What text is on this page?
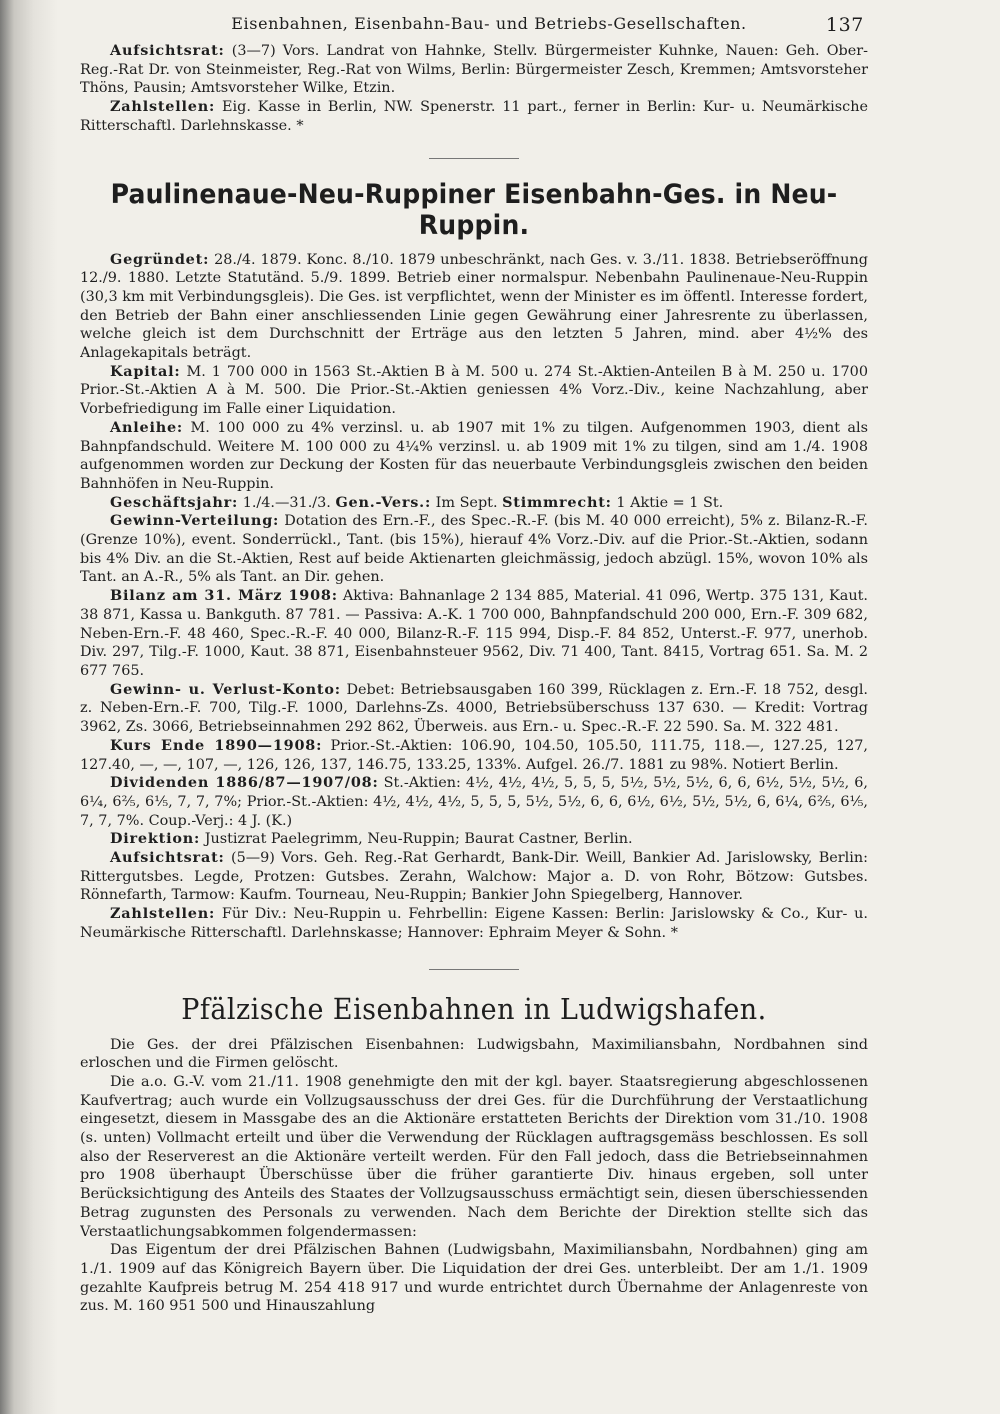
Eisenbahnen, Eisenbahn-Bau- und Betriebs-Gesellschaften.	137

Aufsichtsrat: (3—7) Vors. Landrat von Hahnke, Stellv. Bürgermeister Kuhnke, Nauen: Geh. Ober-Reg.-Rat Dr. von Steinmeister, Reg.-Rat von Wilms, Berlin: Bürgermeister Zesch, Kremmen; Amtsvorsteher Thöns, Pausin; Amtsvorsteher Wilke, Etzin.

Zahlstellen: Eig. Kasse in Berlin, NW. Spenerstr. 11 part., ferner in Berlin: Kur- u. Neumärkische Ritterschaftl. Darlehnskasse. *

Paulinenaue-Neu-Ruppiner Eisenbahn-Ges. in Neu-Ruppin.

Gegründet: 28./4. 1879. Konc. 8./10. 1879 unbeschränkt, nach Ges. v. 3./11. 1838. Betriebseröffnung 12./9. 1880. Letzte Statutänd. 5./9. 1899. Betrieb einer normalspur. Nebenbahn Paulinenaue-Neu-Ruppin (30,3 km mit Verbindungsgleis). Die Ges. ist verpflichtet, wenn der Minister es im öffentl. Interesse fordert, den Betrieb der Bahn einer anschliessenden Linie gegen Gewährung einer Jahresrente zu überlassen, welche gleich ist dem Durchschnitt der Erträge aus den letzten 5 Jahren, mind. aber 4½% des Anlagekapitals beträgt.

Kapital: M. 1 700 000 in 1563 St.-Aktien B à M. 500 u. 274 St.-Aktien-Anteilen B à M. 250 u. 1700 Prior.-St.-Aktien A à M. 500. Die Prior.-St.-Aktien geniessen 4% Vorz.-Div., keine Nachzahlung, aber Vorbefriedigung im Falle einer Liquidation.

Anleihe: M. 100 000 zu 4% verzinsl. u. ab 1907 mit 1% zu tilgen. Aufgenommen 1903, dient als Bahnpfandschuld. Weitere M. 100 000 zu 4¼% verzinsl. u. ab 1909 mit 1% zu tilgen, sind am 1./4. 1908 aufgenommen worden zur Deckung der Kosten für das neuerbaute Verbindungsgleis zwischen den beiden Bahnhöfen in Neu-Ruppin.

Geschäftsjahr: 1./4.—31./3. Gen.-Vers.: Im Sept. Stimmrecht: 1 Aktie = 1 St.

Gewinn-Verteilung: Dotation des Ern.-F., des Spec.-R.-F. (bis M. 40 000 erreicht), 5% z. Bilanz-R.-F. (Grenze 10%), event. Sonderrückl., Tant. (bis 15%), hierauf 4% Vorz.-Div. auf die Prior.-St.-Aktien, sodann bis 4% Div. an die St.-Aktien, Rest auf beide Aktienarten gleichmässig, jedoch abzügl. 15%, wovon 10% als Tant. an A.-R., 5% als Tant. an Dir. gehen.

Bilanz am 31. März 1908: Aktiva: Bahnanlage 2 134 885, Material. 41 096, Wertp. 375 131, Kaut. 38 871, Kassa u. Bankguth. 87 781. — Passiva: A.-K. 1 700 000, Bahnpfandschuld 200 000, Ern.-F. 309 682, Neben-Ern.-F. 48 460, Spec.-R.-F. 40 000, Bilanz-R.-F. 115 994, Disp.-F. 84 852, Unterst.-F. 977, unerhob. Div. 297, Tilg.-F. 1000, Kaut. 38 871, Eisenbahnsteuer 9562, Div. 71 400, Tant. 8415, Vortrag 651. Sa. M. 2 677 765.

Gewinn- u. Verlust-Konto: Debet: Betriebsausgaben 160 399, Rücklagen z. Ern.-F. 18 752, desgl. z. Neben-Ern.-F. 700, Tilg.-F. 1000, Darlehns-Zs. 4000, Betriebsüberschuss 137 630. — Kredit: Vortrag 3962, Zs. 3066, Betriebseinnahmen 292 862, Überweis. aus Ern.- u. Spec.-R.-F. 22 590. Sa. M. 322 481.

Kurs Ende 1890—1908: Prior.-St.-Aktien: 106.90, 104.50, 105.50, 111.75, 118.—, 127.25, 127, 127.40, —, —, 107, —, 126, 126, 137, 146.75, 133.25, 133%. Aufgel. 26./7. 1881 zu 98%. Notiert Berlin.

Dividenden 1886/87—1907/08: St.-Aktien: 4½, 4½, 4½, 5, 5, 5, 5½, 5½, 5½, 6, 6, 6½, 5½, 5½, 6, 6¼, 6⅖, 6⅕, 7, 7, 7%; Prior.-St.-Aktien: 4½, 4½, 4½, 5, 5, 5, 5½, 5½, 6, 6, 6½, 6½, 5½, 5½, 6, 6¼, 6⅖, 6⅕, 7, 7, 7%. Coup.-Verj.: 4 J. (K.)

Direktion: Justizrat Paelegrimm, Neu-Ruppin; Baurat Castner, Berlin.

Aufsichtsrat: (5—9) Vors. Geh. Reg.-Rat Gerhardt, Bank-Dir. Weill, Bankier Ad. Jarislowsky, Berlin: Rittergutsbes. Legde, Protzen: Gutsbes. Zerahn, Walchow: Major a. D. von Rohr, Bötzow: Gutsbes. Rönnefarth, Tarmow: Kaufm. Tourneau, Neu-Ruppin; Bankier John Spiegelberg, Hannover.

Zahlstellen: Für Div.: Neu-Ruppin u. Fehrbellin: Eigene Kassen: Berlin: Jarislowsky & Co., Kur- u. Neumärkische Ritterschaftl. Darlehnskasse; Hannover: Ephraim Meyer & Sohn. *

Pfälzische Eisenbahnen in Ludwigshafen.

Die Ges. der drei Pfälzischen Eisenbahnen: Ludwigsbahn, Maximiliansbahn, Nordbahnen sind erloschen und die Firmen gelöscht.

Die a.o. G.-V. vom 21./11. 1908 genehmigte den mit der kgl. bayer. Staatsregierung abgeschlossenen Kaufvertrag; auch wurde ein Vollzugsausschuss der drei Ges. für die Durchführung der Verstaatlichung eingesetzt, diesem in Massgabe des an die Aktionäre erstatteten Berichts der Direktion vom 31./10. 1908 (s. unten) Vollmacht erteilt und über die Verwendung der Rücklagen auftragsgemäss beschlossen. Es soll also der Reserverest an die Aktionäre verteilt werden. Für den Fall jedoch, dass die Betriebseinnahmen pro 1908 überhaupt Überschüsse über die früher garantierte Div. hinaus ergeben, soll unter Berücksichtigung des Anteils des Staates der Vollzugsausschuss ermächtigt sein, diesen überschiessenden Betrag zugunsten des Personals zu verwenden. Nach dem Berichte der Direktion stellte sich das Verstaatlichungsabkommen folgendermassen:

Das Eigentum der drei Pfälzischen Bahnen (Ludwigsbahn, Maximiliansbahn, Nordbahnen) ging am 1./1. 1909 auf das Königreich Bayern über. Die Liquidation der drei Ges. unterbleibt. Der am 1./1. 1909 gezahlte Kaufpreis betrug M. 254 418 917 und wurde entrichtet durch Übernahme der Anlagenreste von zus. M. 160 951 500 und Hinauszahlung
